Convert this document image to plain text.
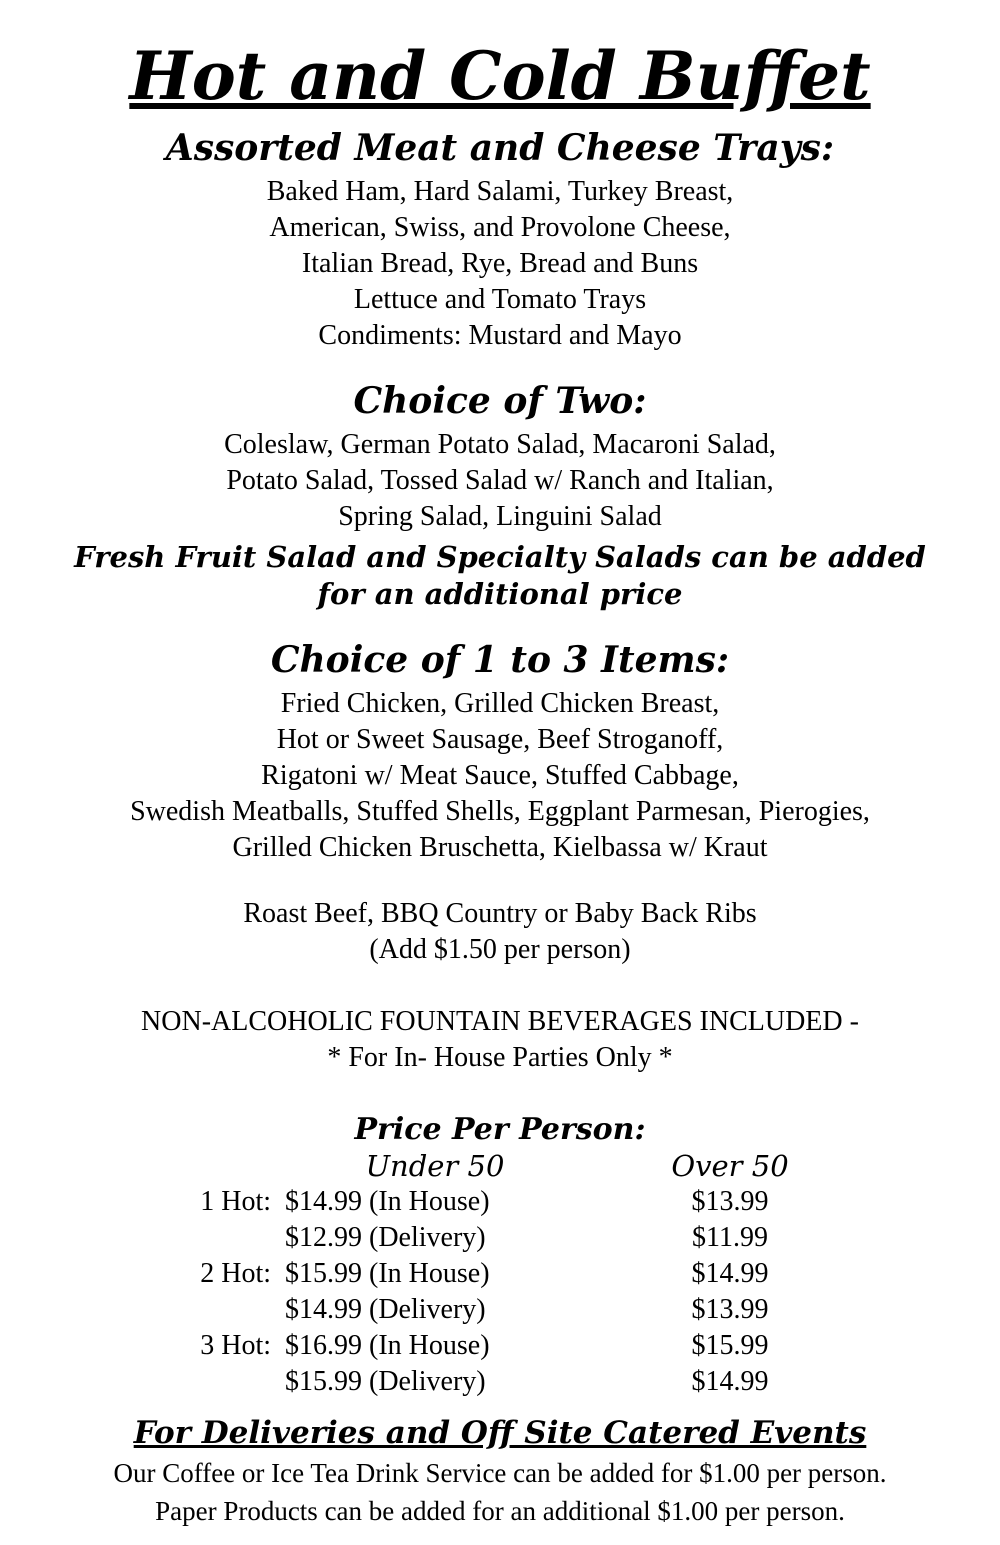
Hot and Cold Buffet
Assorted Meat and Cheese Trays:

Baked Ham, Hard Salami, Turkey Breast,

American, Swiss, and Provolone Cheese,

Italian Bread, Rye, Bread and Buns

Lettuce and Tomato Trays

Condiments: Mustard and Mayo

Choice of Two:

Coleslaw, German Potato Salad, Macaroni Salad,

Potato Salad, Tossed Salad w/ Ranch and Italian,

Spring Salad, Linguini Salad

Fresh Fruit Salad and Specialty Salads can be added

for an additional price

Choice of 1 to 3 Items:

Fried Chicken, Grilled Chicken Breast,

Hot or Sweet Sausage, Beef Stroganoff,

Rigatoni w/ Meat Sauce, Stuffed Cabbage,

Swedish Meatballs, Stuffed Shells, Eggplant Parmesan, Pierogies,

Grilled Chicken Bruschetta, Kielbassa w/ Kraut

Roast Beef, BBQ Country or Baby Back Ribs

(Add $1.50 per person)

NON-ALCOHOLIC FOUNTAIN BEVERAGES INCLUDED -

* For In- House Parties Only *

Price Per Person:
	Under 50	Over 50
1 Hot:	$14.99 (In House)	$13.99
	$12.99 (Delivery)	$11.99
2 Hot:	$15.99 (In House)	$14.99
	$14.99 (Delivery)	$13.99
3 Hot:	$16.99 (In House)	$15.99
	$15.99 (Delivery)	$14.99
For Deliveries and Off Site Catered Events

Our Coffee or Ice Tea Drink Service can be added for $1.00 per person.

Paper Products can be added for an additional $1.00 per person.
